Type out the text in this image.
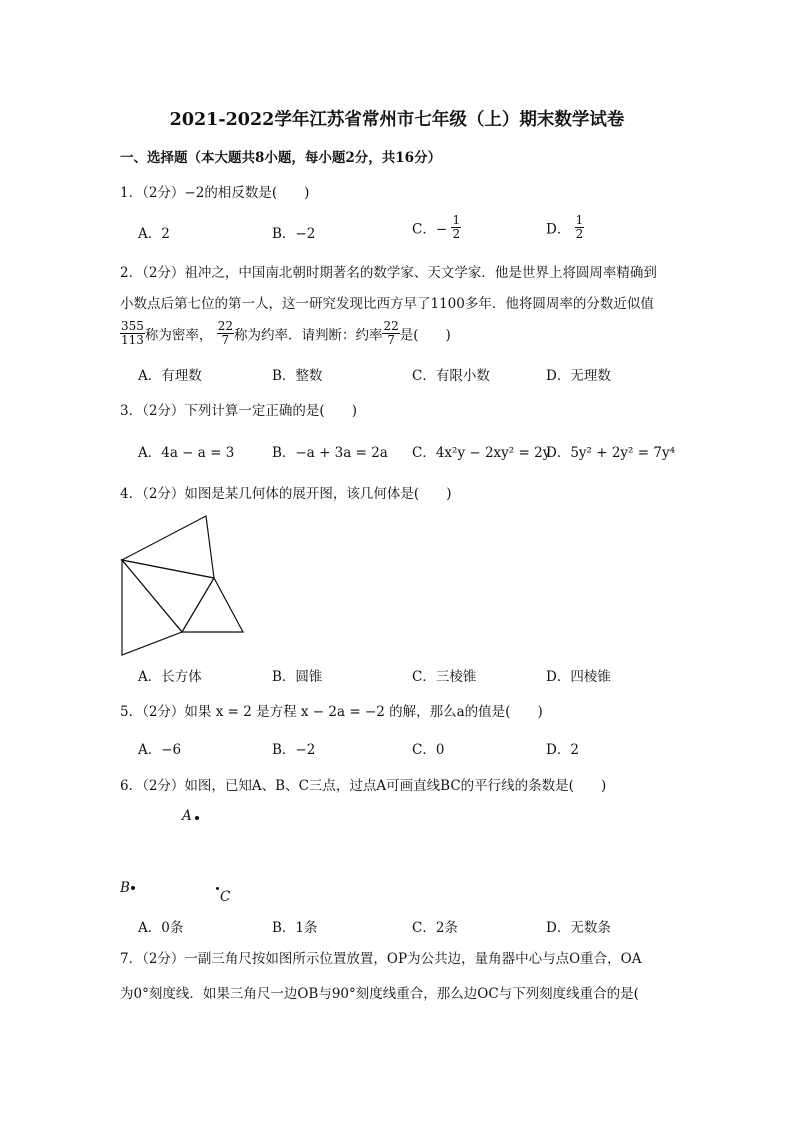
2021-2022学年江苏省常州市七年级（上）期末数学试卷
一、选择题（本大题共8小题，每小题2分，共16分）
1．（2分）−2的相反数是(　　)
A．2	B．−2	C．− $\frac{1}{2}$	D． $\frac{1}{2}$
2．（2分）祖冲之，中国南北朝时期著名的数学家、天文学家．他是世界上将圆周率精确到
小数点后第七位的第一人，这一研究发现比西方早了1100多年．他将圆周率的分数近似值
$\frac{355}{113}$ 称为密率， $\frac{22}{7}$ 称为约率．请判断：约率 $\frac{22}{7}$ 是(　　)
A．有理数	B．整数	C．有限小数	D．无理数
3．（2分）下列计算一定正确的是(　　)
A．4a − a = 3	B．−a + 3a = 2a C．4x²y − 2xy² = 2y
D．5y² + 2y² = 7y⁴
4．（2分）如图是某几何体的展开图，该几何体是(　　)
A．长方体	B．圆锥	C．三棱锥	D．四棱锥
5．（2分）如果 x = 2 是方程 x − 2a = −2 的解，那么a的值是(　　)
A．−6	B．−2	C．0	D．2
6．（2分）如图，已知A、B、C三点，过点A可画直线BC的平行线的条数是(　　)
A
B
C
A．0条	B．1条	C．2条	D．无数条
7．（2分）一副三角尺按如图所示位置放置，OP为公共边，量角器中心与点O重合，OA
为0°刻度线．如果三角尺一边OB与90°刻度线重合，那么边OC与下列刻度线重合的是(
